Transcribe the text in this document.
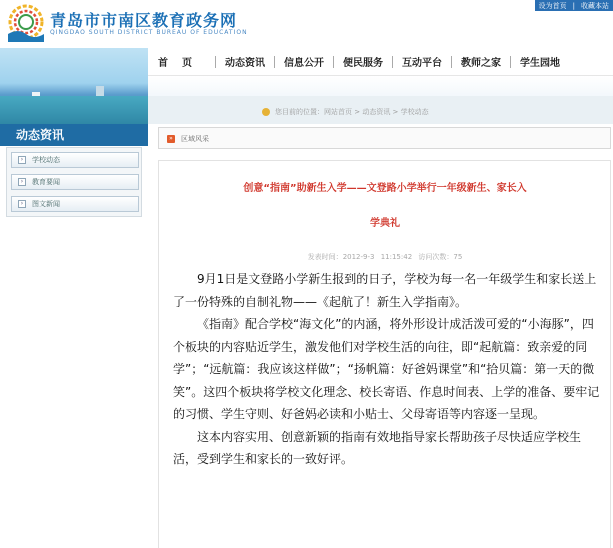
青岛市市南区教育政务网
QINGDAO SOUTH DISTRICT BUREAU OF EDUCATION
设为首页 | 收藏本站
首页 动态资讯 信息公开 便民服务 互动平台 教师之家 学生园地
您目前的位置：网站首页 > 动态资讯 > 学校动态
动态资讯
›	学校动态
›	教育要闻
›	图文新闻
»	区域风采
创意“指南”助新生入学——文登路小学举行一年级新生、家长入
学典礼
发表时间：2012-9-3 11:15:42 访问次数：75

9月1日是文登路小学新生报到的日子，学校为每一名一年级学生和家长送上了一份特殊的自制礼物——《起航了！新生入学指南》。

《指南》配合学校“海文化”的内涵，将外形设计成活泼可爱的“小海豚”，四个板块的内容贴近学生，激发他们对学校生活的向往，即“起航篇：致亲爱的同学”；“远航篇：我应该这样做”；“扬帆篇：好爸妈课堂”和“拾贝篇：第一天的微笑”。这四个板块将学校文化理念、校长寄语、作息时间表、上学的准备、要牢记的习惯、学生守则、好爸妈必读和小贴士、父母寄语等内容逐一呈现。

这本内容实用、创意新颖的指南有效地指导家长帮助孩子尽快适应学校生活，受到学生和家长的一致好评。
